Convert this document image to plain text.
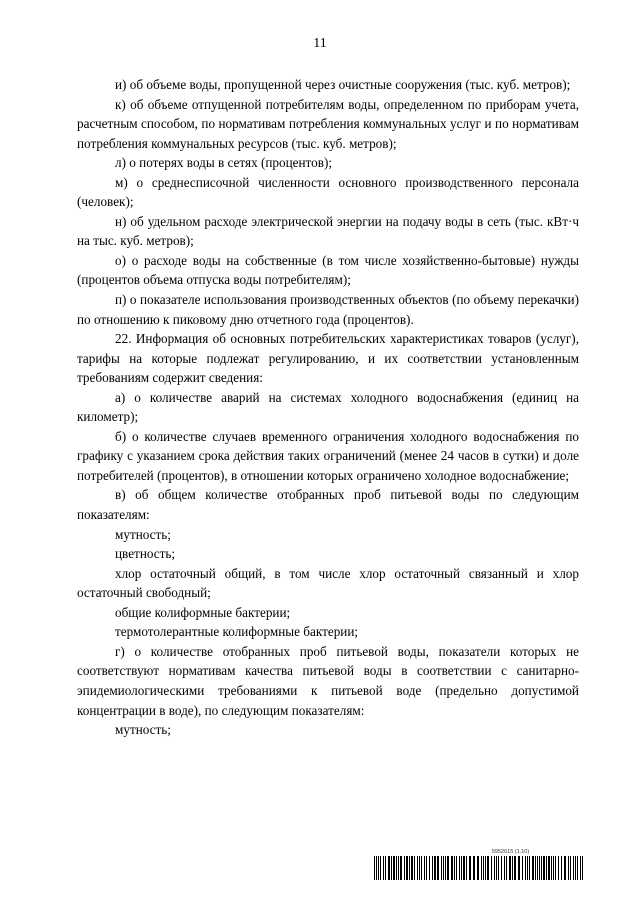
11

и) об объеме воды, пропущенной через очистные сооружения (тыс. куб. метров);

к) об объеме отпущенной потребителям воды, определенном по приборам учета, расчетным способом, по нормативам потребления коммунальных услуг и по нормативам потребления коммунальных ресурсов (тыс. куб. метров);

л) о потерях воды в сетях (процентов);

м) о среднесписочной численности основного производственного персонала (человек);

н) об удельном расходе электрической энергии на подачу воды в сеть (тыс. кВт·ч на тыс. куб. метров);

о) о расходе воды на собственные (в том числе хозяйственно-бытовые) нужды (процентов объема отпуска воды потребителям);

п) о показателе использования производственных объектов (по объему перекачки) по отношению к пиковому дню отчетного года (процентов).

22. Информация об основных потребительских характеристиках товаров (услуг), тарифы на которые подлежат регулированию, и их соответствии установленным требованиям содержит сведения:

а) о количестве аварий на системах холодного водоснабжения (единиц на километр);

б) о количестве случаев временного ограничения холодного водоснабжения по графику с указанием срока действия таких ограничений (менее 24 часов в сутки) и доле потребителей (процентов), в отношении которых ограничено холодное водоснабжение;

в) об общем количестве отобранных проб питьевой воды по следующим показателям:

мутность;

цветность;

хлор остаточный общий, в том числе хлор остаточный связанный и хлор остаточный свободный;

общие колиформные бактерии;

термотолерантные колиформные бактерии;

г) о количестве отобранных проб питьевой воды, показатели которых не соответствуют нормативам качества питьевой воды в соответствии с санитарно-эпидемиологическими требованиями к питьевой воде (предельно допустимой концентрации в воде), по следующим показателям:

мутность;

5952615 (1.10)
